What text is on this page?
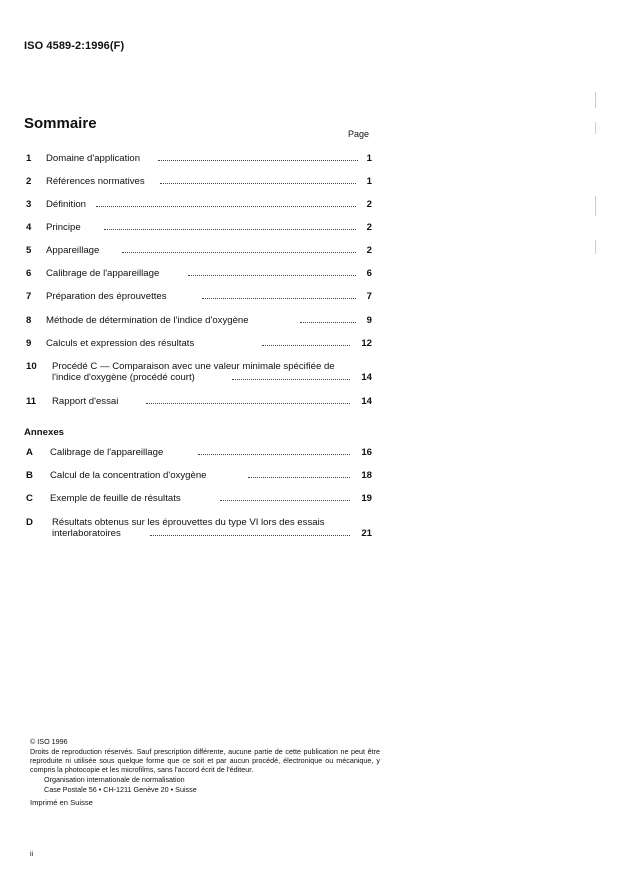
ISO 4589-2:1996(F)
Sommaire
Page
1 Domaine d'application	1
2 Références normatives	1
3 Définition	2
4 Principe	2
5 Appareillage	2
6 Calibrage de l'appareillage	6
7 Préparation des éprouvettes	7
8 Méthode de détermination de l'indice d'oxygène	9
9 Calculs et expression des résultats	12
10 Procédé C — Comparaison avec une valeur minimale spécifiée de
l'indice d'oxygène (procédé court)	14
11 Rapport d'essai	14
Annexes
A Calibrage de l'appareillage	16
B Calcul de la concentration d'oxygène	18
C Exemple de feuille de résultats	19
D Résultats obtenus sur les éprouvettes du type VI lors des essais
interlaboratoires	21
© ISO 1996
Droits de reproduction réservés. Sauf prescription différente, aucune partie de cette publication ne peut être reproduite ni utilisée sous quelque forme que ce soit et par aucun procédé, électronique ou mécanique, y compris la photocopie et les microfilms, sans l'accord écrit de l'éditeur.
Organisation internationale de normalisation
Case Postale 56 • CH-1211 Genève 20 • Suisse
Imprimé en Suisse
ii
